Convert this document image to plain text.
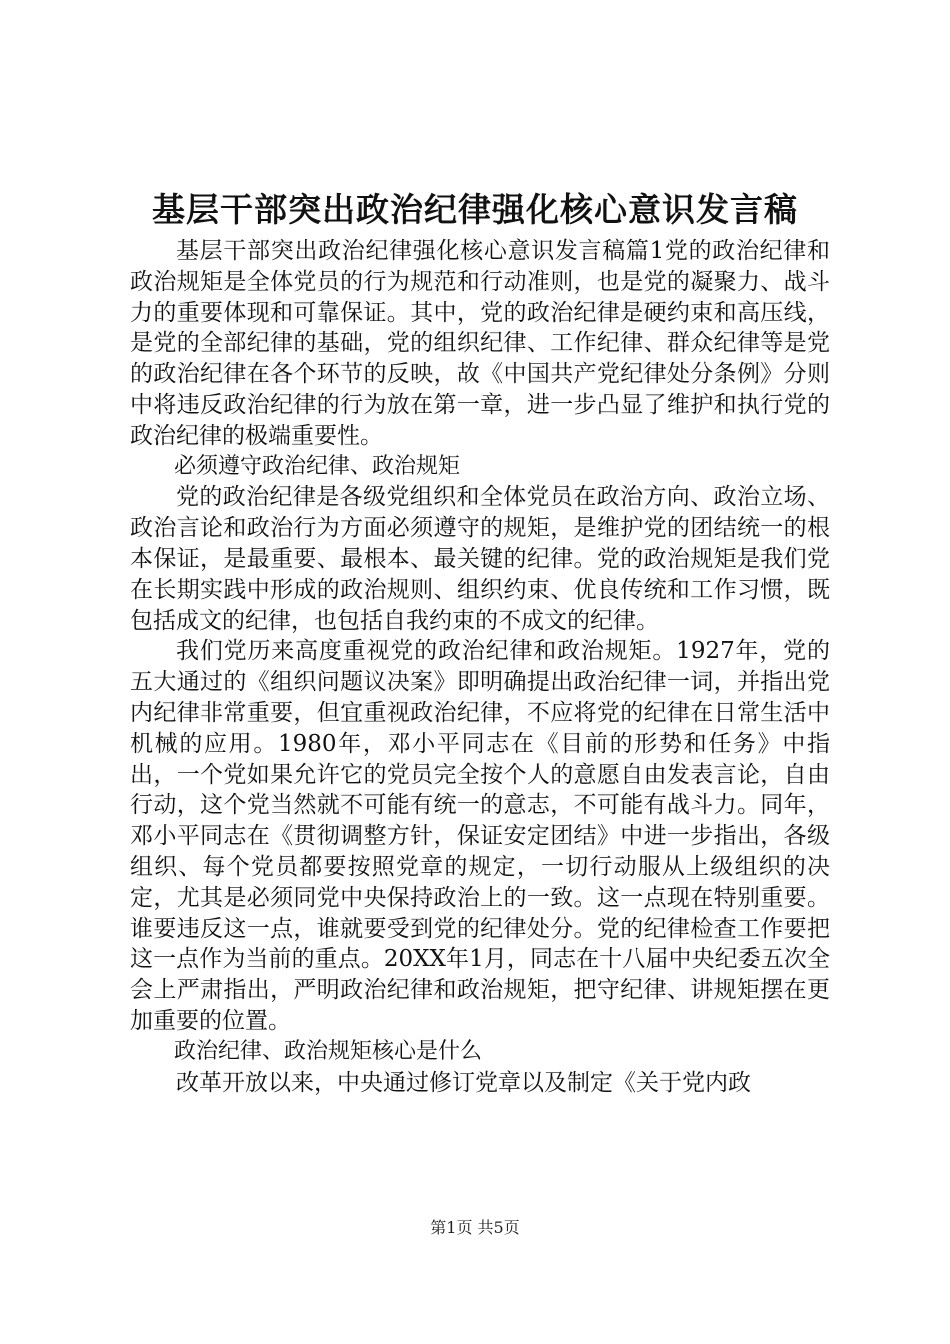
基层干部突出政治纪律强化核心意识发言稿

基层干部突出政治纪律强化核心意识发言稿篇1党的政治纪律和政治规矩是全体党员的行为规范和行动准则，也是党的凝聚力、战斗力的重要体现和可靠保证。其中，党的政治纪律是硬约束和高压线，是党的全部纪律的基础，党的组织纪律、工作纪律、群众纪律等是党的政治纪律在各个环节的反映，故《中国共产党纪律处分条例》分则中将违反政治纪律的行为放在第一章，进一步凸显了维护和执行党的政治纪律的极端重要性。

必须遵守政治纪律、政治规矩

党的政治纪律是各级党组织和全体党员在政治方向、政治立场、政治言论和政治行为方面必须遵守的规矩，是维护党的团结统一的根本保证，是最重要、最根本、最关键的纪律。党的政治规矩是我们党在长期实践中形成的政治规则、组织约束、优良传统和工作习惯，既包括成文的纪律，也包括自我约束的不成文的纪律。

我们党历来高度重视党的政治纪律和政治规矩。1927年，党的五大通过的《组织问题议决案》即明确提出政治纪律一词，并指出党内纪律非常重要，但宜重视政治纪律，不应将党的纪律在日常生活中机械的应用。1980年，邓小平同志在《目前的形势和任务》中指出，一个党如果允许它的党员完全按个人的意愿自由发表言论，自由行动，这个党当然就不可能有统一的意志，不可能有战斗力。同年，邓小平同志在《贯彻调整方针，保证安定团结》中进一步指出，各级组织、每个党员都要按照党章的规定，一切行动服从上级组织的决定，尤其是必须同党中央保持政治上的一致。这一点现在特别重要。谁要违反这一点，谁就要受到党的纪律处分。党的纪律检查工作要把这一点作为当前的重点。20XX年1月，同志在十八届中央纪委五次全会上严肃指出，严明政治纪律和政治规矩，把守纪律、讲规矩摆在更加重要的位置。

政治纪律、政治规矩核心是什么

改革开放以来，中央通过修订党章以及制定《关于党内政

第1页 共5页
